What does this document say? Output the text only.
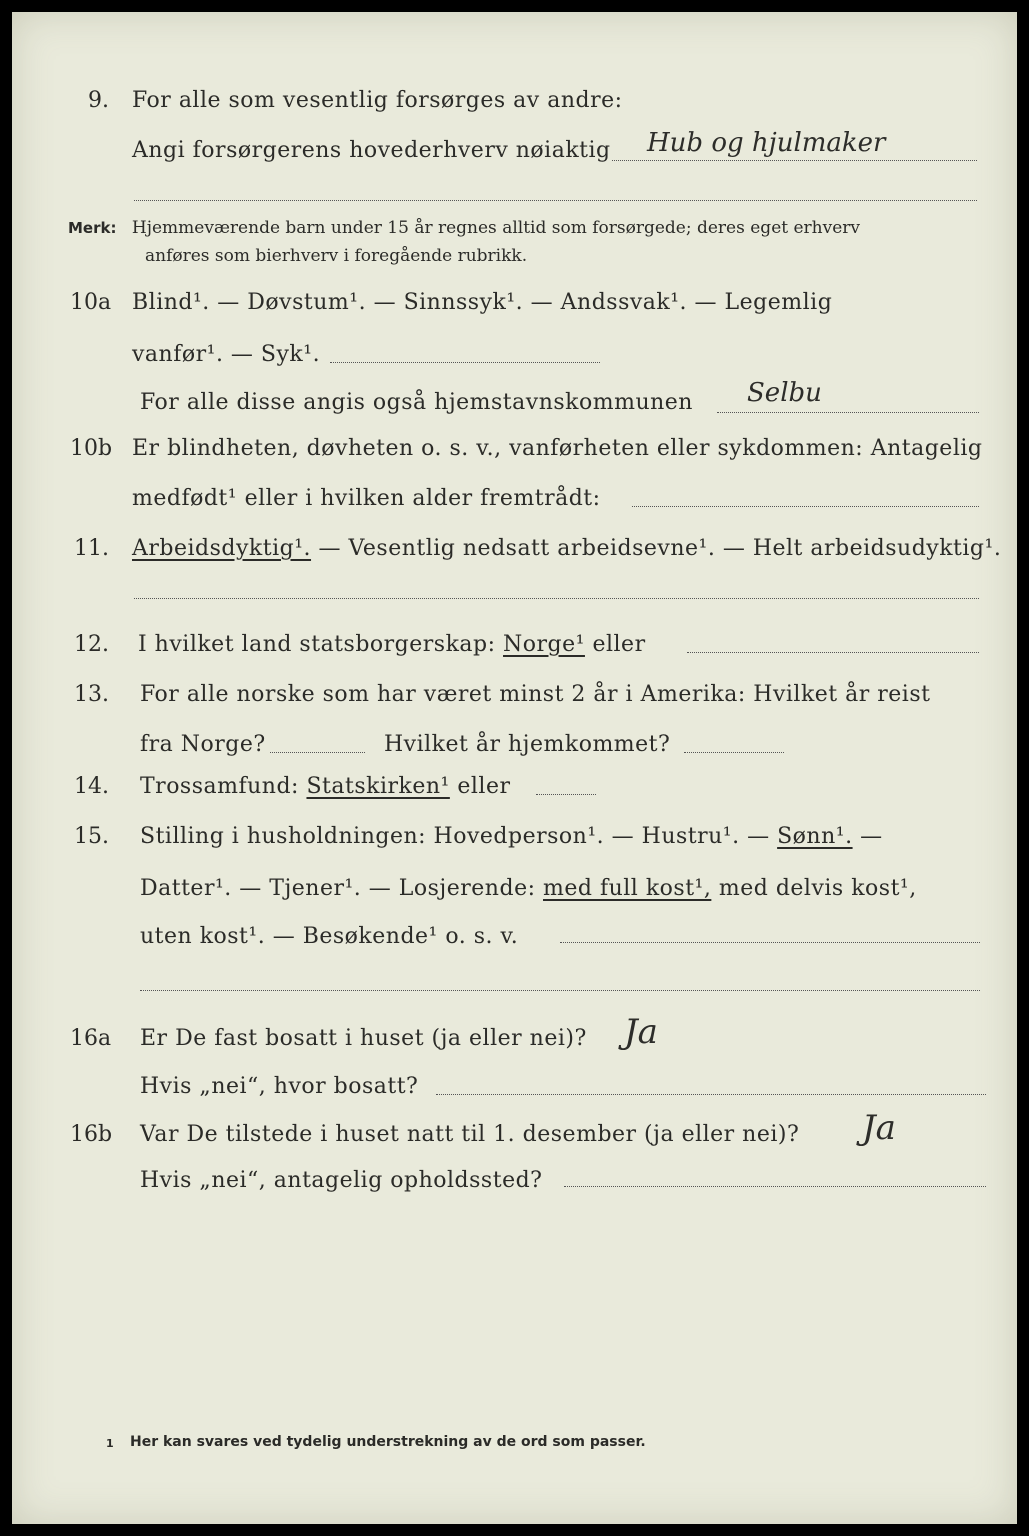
9. For alle som vesentlig forsørges av andre:
Angi forsørgerens hovederhverv nøiaktig Hub og hjulmaker
Merk: Hjemmeværende barn under 15 år regnes alltid som forsørgede; deres eget erhverv
anføres som bierhverv i foregående rubrikk.
10a Blind¹. — Døvstum¹. — Sinnssyk¹. — Andssvak¹. — Legemlig
vanfør¹. — Syk¹.
For alle disse angis også hjemstavnskommunen Selbu
10b Er blindheten, døvheten o. s. v., vanførheten eller sykdommen: Antagelig
medfødt¹ eller i hvilken alder fremtrådt:
11. Arbeidsdyktig¹. — Vesentlig nedsatt arbeidsevne¹. — Helt arbeidsudyktig¹.
12. I hvilket land statsborgerskap: Norge¹ eller
13. For alle norske som har været minst 2 år i Amerika: Hvilket år reist
fra Norge?	Hvilket år hjemkommet?
14. Trossamfund: Statskirken¹ eller
15. Stilling i husholdningen: Hovedperson¹. — Hustru¹. — Sønn¹. —
Datter¹. — Tjener¹. — Losjerende: med full kost¹, med delvis kost¹,
uten kost¹. — Besøkende¹ o. s. v.
16a Er De fast bosatt i huset (ja eller nei)? Ja
Hvis „nei“, hvor bosatt?
16b Var De tilstede i huset natt til 1. desember (ja eller nei)? Ja
Hvis „nei“, antagelig opholdssted?
1 Her kan svares ved tydelig understrekning av de ord som passer.
